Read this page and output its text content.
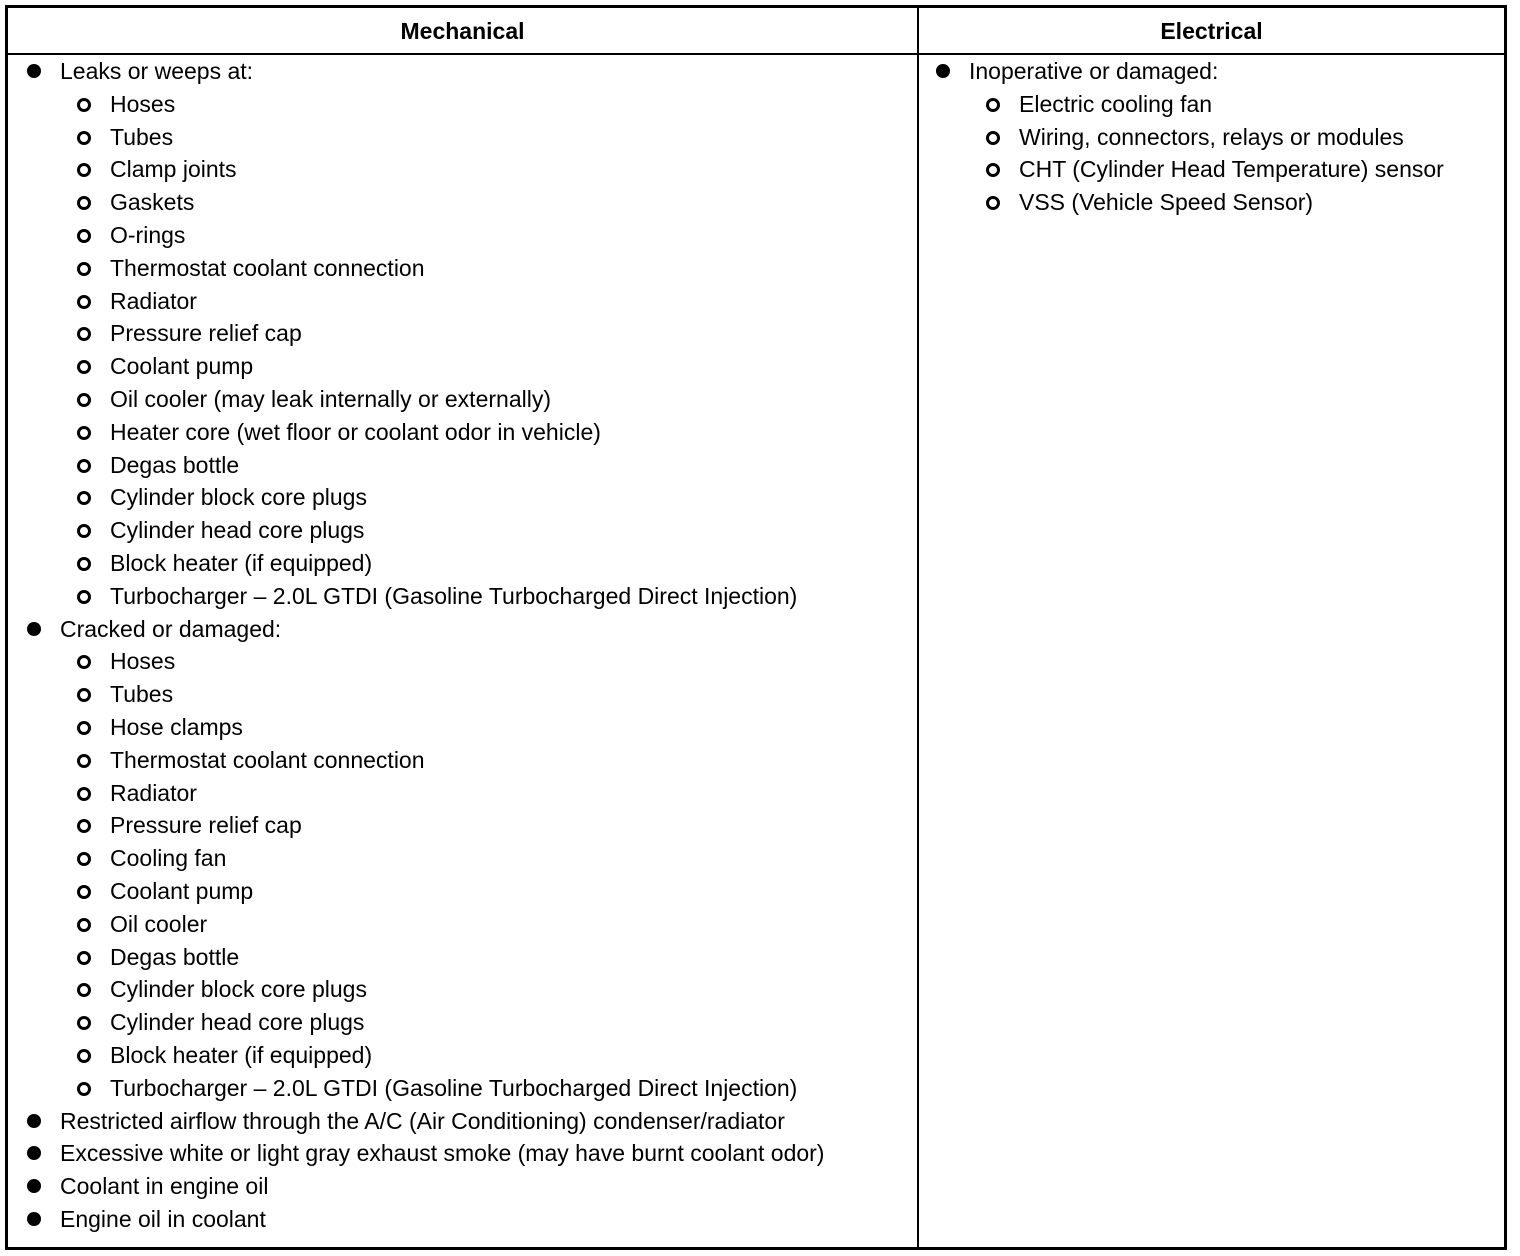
Mechanical	Electrical
Leaks or weeps at:
Hoses
Tubes
Clamp joints
Gaskets
O-rings
Thermostat coolant connection
Radiator
Pressure relief cap
Coolant pump
Oil cooler (may leak internally or externally)
Heater core (wet floor or coolant odor in vehicle)
Degas bottle
Cylinder block core plugs
Cylinder head core plugs
Block heater (if equipped)
Turbocharger – 2.0L GTDI (Gasoline Turbocharged Direct Injection)
Cracked or damaged:
Hoses
Tubes
Hose clamps
Thermostat coolant connection
Radiator
Pressure relief cap
Cooling fan
Coolant pump
Oil cooler
Degas bottle
Cylinder block core plugs
Cylinder head core plugs
Block heater (if equipped)
Turbocharger – 2.0L GTDI (Gasoline Turbocharged Direct Injection)
Restricted airflow through the A/C (Air Conditioning) condenser/radiator
Excessive white or light gray exhaust smoke (may have burnt coolant odor)
Coolant in engine oil
Engine oil in coolant
Inoperative or damaged:
Electric cooling fan
Wiring, connectors, relays or modules
CHT (Cylinder Head Temperature) sensor
VSS (Vehicle Speed Sensor)
